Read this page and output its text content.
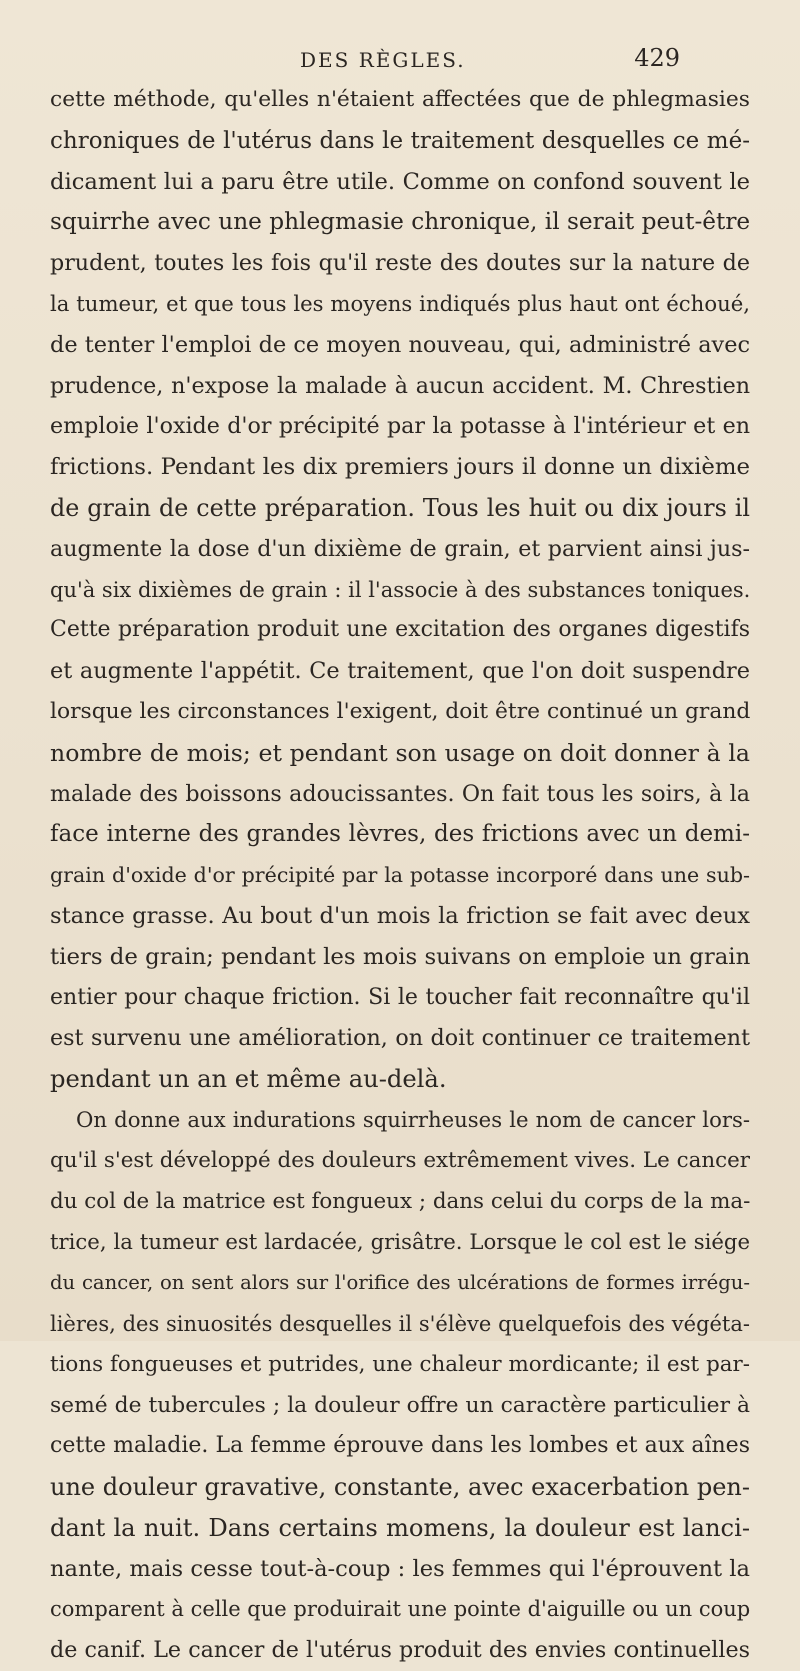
DES RÈGLES.	429
cette méthode, qu'elles n'étaient affectées que de phlegmasies
chroniques de l'utérus dans le traitement desquelles ce mé-
dicament lui a paru être utile. Comme on confond souvent le
squirrhe avec une phlegmasie chronique, il serait peut-être
prudent, toutes les fois qu'il reste des doutes sur la nature de
la tumeur, et que tous les moyens indiqués plus haut ont échoué,
de tenter l'emploi de ce moyen nouveau, qui, administré avec
prudence, n'expose la malade à aucun accident. M. Chrestien
emploie l'oxide d'or précipité par la potasse à l'intérieur et en
frictions. Pendant les dix premiers jours il donne un dixième
de grain de cette préparation. Tous les huit ou dix jours il
augmente la dose d'un dixième de grain, et parvient ainsi jus-
qu'à six dixièmes de grain : il l'associe à des substances toniques.
Cette préparation produit une excitation des organes digestifs
et augmente l'appétit. Ce traitement, que l'on doit suspendre
lorsque les circonstances l'exigent, doit être continué un grand
nombre de mois; et pendant son usage on doit donner à la
malade des boissons adoucissantes. On fait tous les soirs, à la
face interne des grandes lèvres, des frictions avec un demi-
grain d'oxide d'or précipité par la potasse incorporé dans une sub-
stance grasse. Au bout d'un mois la friction se fait avec deux
tiers de grain; pendant les mois suivans on emploie un grain
entier pour chaque friction. Si le toucher fait reconnaître qu'il
est survenu une amélioration, on doit continuer ce traitement
pendant un an et même au-delà.
On donne aux indurations squirrheuses le nom de cancer lors-
qu'il s'est développé des douleurs extrêmement vives. Le cancer
du col de la matrice est fongueux ; dans celui du corps de la ma-
trice, la tumeur est lardacée, grisâtre. Lorsque le col est le siége
du cancer, on sent alors sur l'orifice des ulcérations de formes irrégu-
lières, des sinuosités desquelles il s'élève quelquefois des végéta-
tions fongueuses et putrides, une chaleur mordicante; il est par-
semé de tubercules ; la douleur offre un caractère particulier à
cette maladie. La femme éprouve dans les lombes et aux aînes
une douleur gravative, constante, avec exacerbation pen-
dant la nuit. Dans certains momens, la douleur est lanci-
nante, mais cesse tout-à-coup : les femmes qui l'éprouvent la
comparent à celle que produirait une pointe d'aiguille ou un coup
de canif. Le cancer de l'utérus produit des envies continuelles
